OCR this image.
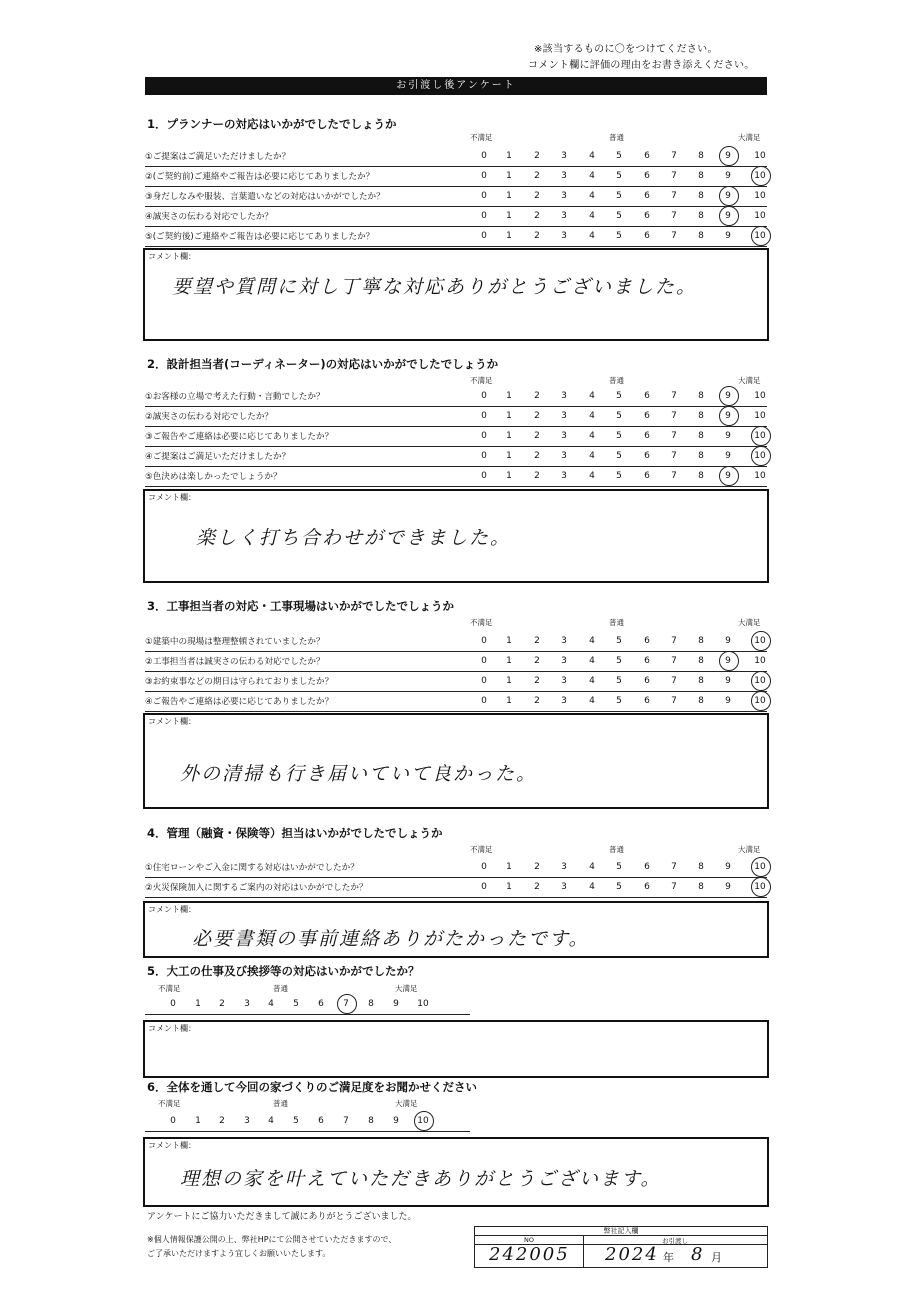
※該当するものに〇をつけてください。
コメント欄に評価の理由をお書き添えください。
お引渡し後アンケート
1．プランナーの対応はいかがでしたでしょうか
不満足	普通	大満足
①ご提案はご満足いただけましたか？	0	1	2	3	4	5	6	7	8	9	10
②(ご契約前)ご連絡やご報告は必要に応じてありましたか？	0	1	2	3	4	5	6	7	8	9	10
③身だしなみや服装、言葉遣いなどの対応はいかがでしたか？	0	1	2	3	4	5	6	7	8	9	10
④誠実さの伝わる対応でしたか？	0	1	2	3	4	5	6	7	8	9	10
⑤(ご契約後)ご連絡やご報告は必要に応じてありましたか？	0	1	2	3	4	5	6	7	8	9	10
コメント欄：
要望や質問に対し丁寧な対応ありがとうございました。
2．設計担当者(コーディネーター)の対応はいかがでしたでしょうか
不満足	普通	大満足
①お客様の立場で考えた行動・言動でしたか？	0	1	2	3	4	5	6	7	8	9	10
②誠実さの伝わる対応でしたか？	0	1	2	3	4	5	6	7	8	9	10
③ご報告やご連絡は必要に応じてありましたか？	0	1	2	3	4	5	6	7	8	9	10
④ご提案はご満足いただけましたか？	0	1	2	3	4	5	6	7	8	9	10
⑤色決めは楽しかったでしょうか？	0	1	2	3	4	5	6	7	8	9	10
コメント欄：
楽しく打ち合わせができました。
3．工事担当者の対応・工事現場はいかがでしたでしょうか
不満足	普通	大満足
①建築中の現場は整理整頓されていましたか？	0	1	2	3	4	5	6	7	8	9	10
②工事担当者は誠実さの伝わる対応でしたか？	0	1	2	3	4	5	6	7	8	9	10
③お約束事などの期日は守られておりましたか？	0	1	2	3	4	5	6	7	8	9	10
④ご報告やご連絡は必要に応じてありましたか？	0	1	2	3	4	5	6	7	8	9	10
コメント欄：
外の清掃も行き届いていて良かった。
4．管理（融資・保険等）担当はいかがでしたでしょうか
不満足	普通	大満足
①住宅ローンやご入金に関する対応はいかがでしたか？	0	1	2	3	4	5	6	7	8	9	10
②火災保険加入に関するご案内の対応はいかがでしたか？	0	1	2	3	4	5	6	7	8	9	10
コメント欄：
必要書類の事前連絡ありがたかったです。
5．大工の仕事及び挨拶等の対応はいかがでしたか？
不満足	普通	大満足
0	1	2	3	4	5	6	7	8	9	10
コメント欄：
6．全体を通して今回の家づくりのご満足度をお聞かせください
不満足	普通	大満足
0	1	2	3	4	5	6	7	8	9	10
コメント欄：
理想の家を叶えていただきありがとうございます。
アンケートにご協力いただきまして誠にありがとうございました。
※個人情報保護公開の上、弊社HPにて公開させていただきますので、
ご了承いただけますよう宜しくお願いいたします。
弊社記入欄
NO	お引渡し
242005 2024 年 8 月
